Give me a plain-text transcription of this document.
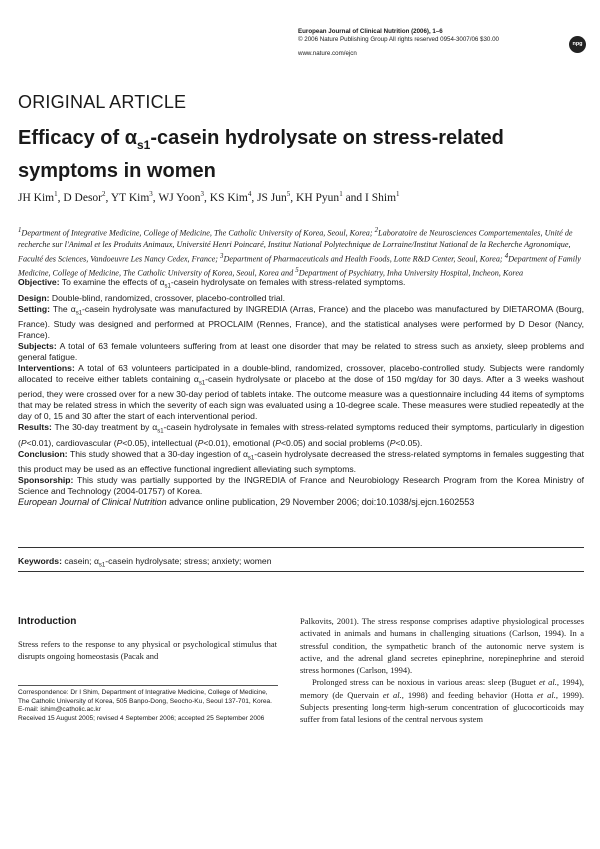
European Journal of Clinical Nutrition (2006), 1–6
© 2006 Nature Publishing Group All rights reserved 0954-3007/06 $30.00
www.nature.com/ejcn
npg
ORIGINAL ARTICLE
Efficacy of $\alpha_{s1}$-casein hydrolysate on stress-related symptoms in women
JH Kim$^1$, D Desor$^2$, YT Kim$^3$, WJ Yoon$^3$, KS Kim$^4$, JS Jun$^5$, KH Pyun$^1$ and I Shim$^1$
$^1$Department of Integrative Medicine, College of Medicine, The Catholic University of Korea, Seoul, Korea; $^2$Laboratoire de Neurosciences Comportementales, Unité de recherche sur l'Animal et les Produits Animaux, Université Henri Poincaré, Institut National Polytechnique de Lorraine/Institut National de la Recherche Agronomique, Faculté des Sciences, Vandoeuvre Les Nancy Cedex, France; $^3$Department of Pharmaceuticals and Health Foods, Lotte R&D Center, Seoul, Korea; $^4$Department of Family Medicine, College of Medicine, The Catholic University of Korea, Seoul, Korea and $^5$Department of Psychiatry, Inha University Hospital, Incheon, Korea

Objective: To examine the effects of $\alpha_{s1}$-casein hydrolysate on females with stress-related symptoms.

Design: Double-blind, randomized, crossover, placebo-controlled trial.

Setting: The $\alpha_{s1}$-casein hydrolysate was manufactured by INGREDIA (Arras, France) and the placebo was manufactured by DIETAROMA (Bourg, France). Study was designed and performed at PROCLAIM (Rennes, France), and the statistical analyses were performed by D Desor (Nancy, France).

Subjects: A total of 63 female volunteers suffering from at least one disorder that may be related to stress such as anxiety, sleep problems and general fatigue.

Interventions: A total of 63 volunteers participated in a double-blind, randomized, crossover, placebo-controlled study. Subjects were randomly allocated to receive either tablets containing $\alpha_{s1}$-casein hydrolysate or placebo at the dose of 150 mg/day for 30 days. After a 3 weeks washout period, they were crossed over for a new 30-day period of tablets intake. The outcome measure was a questionnaire including 44 items of symptoms that may be related stress in which the severity of each sign was evaluated using a 10-degree scale. These measures were studied repeatedly at the day of 0, 15 and 30 after the start of each interventional period.

Results: The 30-day treatment by $\alpha_{s1}$-casein hydrolysate in females with stress-related symptoms reduced their symptoms, particularly in digestion (P<0.01), cardiovascular (P<0.05), intellectual (P<0.01), emotional (P<0.05) and social problems (P<0.05).

Conclusion: This study showed that a 30-day ingestion of $\alpha_{s1}$-casein hydrolysate decreased the stress-related symptoms in females suggesting that this product may be used as an effective functional ingredient alleviating such symptoms.

Sponsorship: This study was partially supported by the INGREDIA of France and Neurobiology Research Program from the Korea Ministry of Science and Technology (2004-01757) of Korea.

European Journal of Clinical Nutrition advance online publication, 29 November 2006; doi:10.1038/sj.ejcn.1602553

Keywords: casein; $\alpha_{s1}$-casein hydrolysate; stress; anxiety; women
Introduction
Stress refers to the response to any physical or psychological stimulus that disrupts ongoing homeostasis (Pacak and
Correspondence: Dr I Shim, Department of Integrative Medicine, College of Medicine, The Catholic University of Korea, 505 Banpo-Dong, Seocho-Ku, Seoul 137-701, Korea.
E-mail: ishim@catholic.ac.kr
Received 15 August 2005; revised 4 September 2006; accepted 25 September 2006

Palkovits, 2001). The stress response comprises adaptive physiological processes activated in animals and humans in challenging situations (Carlson, 1994). In a stressful condition, the sympathetic branch of the autonomic nerve system is active, and the adrenal gland secretes epinephrine, norepinephrine and steroid stress hormones (Carlson, 1994).

Prolonged stress can be noxious in various areas: sleep (Buguet et al., 1994), memory (de Quervain et al., 1998) and feeding behavior (Hotta et al., 1999). Subjects presenting long-term high-serum concentration of glucocorticoids may suffer from fatal lesions of the central nervous system
